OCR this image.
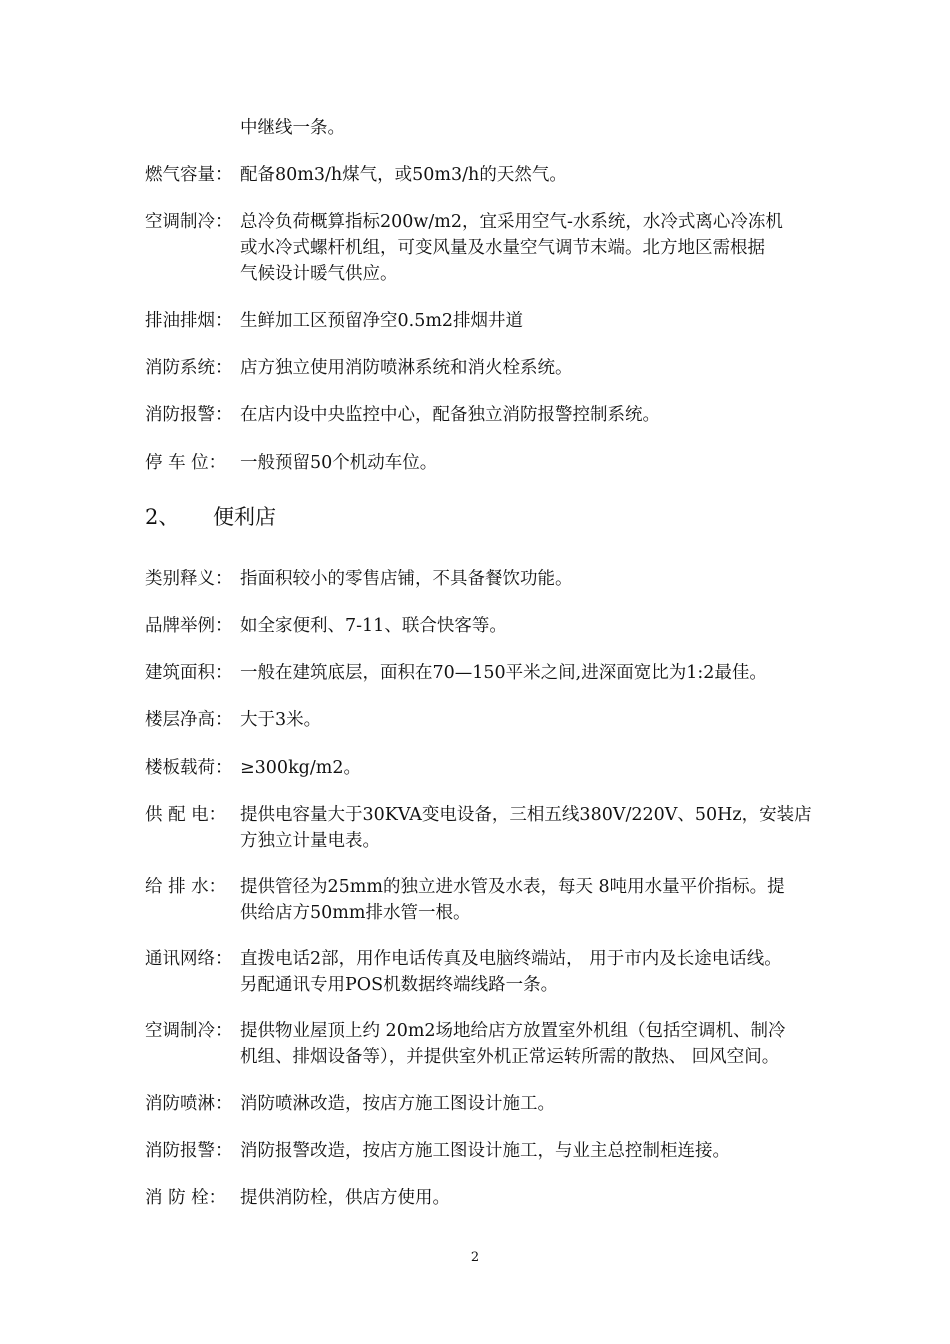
中继线一条。
燃气容量： 配备80m3/h煤气，或50m3/h的天然气。
空调制冷： 总冷负荷概算指标200w/m2，宜采用空气-水系统，水冷式离心冷冻机
或水冷式螺杆机组，可变风量及水量空气调节末端。北方地区需根据
气候设计暖气供应。
排油排烟： 生鲜加工区预留净空0.5m2排烟井道
消防系统： 店方独立使用消防喷淋系统和消火栓系统。
消防报警： 在店内设中央监控中心，配备独立消防报警控制系统。
停 车 位： 一般预留50个机动车位。
2、 便利店
类别释义： 指面积较小的零售店铺，不具备餐饮功能。
品牌举例： 如全家便利、7-11、联合快客等。
建筑面积： 一般在建筑底层，面积在70—150平米之间,进深面宽比为1:2最佳。
楼层净高： 大于3米。
楼板载荷： ≥300kg/m2。
供 配 电： 提供电容量大于30KVA变电设备，三相五线380V/220V、50Hz，安装店
方独立计量电表。
给 排 水： 提供管径为25mm的独立进水管及水表，每天 8吨用水量平价指标。提
供给店方50mm排水管一根。
通讯网络： 直拨电话2部，用作电话传真及电脑终端站， 用于市内及长途电话线。
另配通讯专用POS机数据终端线路一条。
空调制冷： 提供物业屋顶上约 20m2场地给店方放置室外机组（包括空调机、制冷
机组、排烟设备等），并提供室外机正常运转所需的散热、 回风空间。
消防喷淋： 消防喷淋改造，按店方施工图设计施工。
消防报警： 消防报警改造，按店方施工图设计施工，与业主总控制柜连接。
消 防 栓： 提供消防栓，供店方使用。
2
